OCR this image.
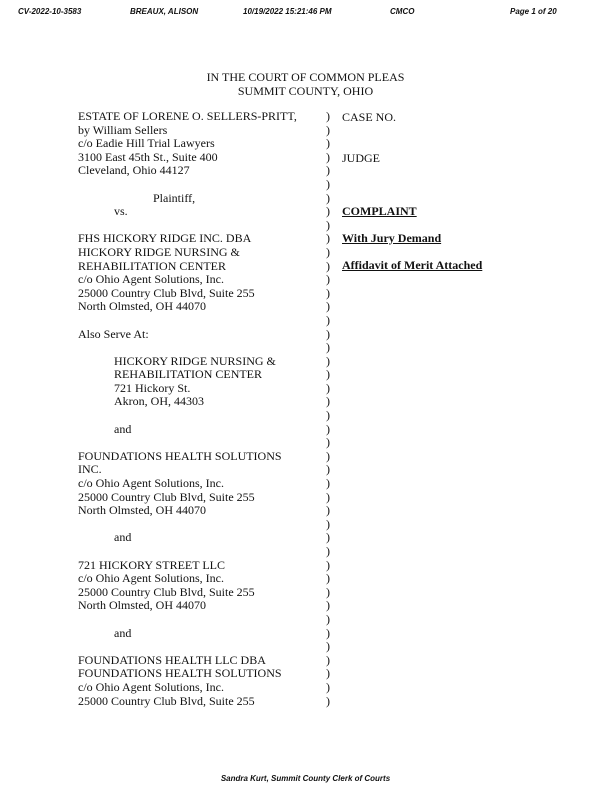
CV-2022-10-3583	BREAUX, ALISON	10/19/2022 15:21:46 PM	CMCO	Page 1 of 20
IN THE COURT OF COMMON PLEAS
SUMMIT COUNTY, OHIO
ESTATE OF LORENE O. SELLERS-PRITT,
by William Sellers
c/o Eadie Hill Trial Lawyers
3100 East 45th St., Suite 400
Cleveland, Ohio 44127
Plaintiff,
vs.
FHS HICKORY RIDGE INC. DBA
HICKORY RIDGE NURSING &
REHABILITATION CENTER
c/o Ohio Agent Solutions, Inc.
25000 Country Club Blvd, Suite 255
North Olmsted, OH 44070
Also Serve At:
HICKORY RIDGE NURSING &
REHABILITATION CENTER
721 Hickory St.
Akron, OH, 44303
and
FOUNDATIONS HEALTH SOLUTIONS
INC.
c/o Ohio Agent Solutions, Inc.
25000 Country Club Blvd, Suite 255
North Olmsted, OH 44070
and
721 HICKORY STREET LLC
c/o Ohio Agent Solutions, Inc.
25000 Country Club Blvd, Suite 255
North Olmsted, OH 44070
and
FOUNDATIONS HEALTH LLC DBA
FOUNDATIONS HEALTH SOLUTIONS
c/o Ohio Agent Solutions, Inc.
25000 Country Club Blvd, Suite 255
)
)
)
)
)
)
)
)
)
)
)
)
)
)
)
)
)
)
)
)
)
)
)
)
)
)
)
)
)
)
)
)
)
)
)
)
)
)
)
)
)
)
)
)
CASE NO.
JUDGE
COMPLAINT
With Jury Demand
Affidavit of Merit Attached
Sandra Kurt, Summit County Clerk of Courts
